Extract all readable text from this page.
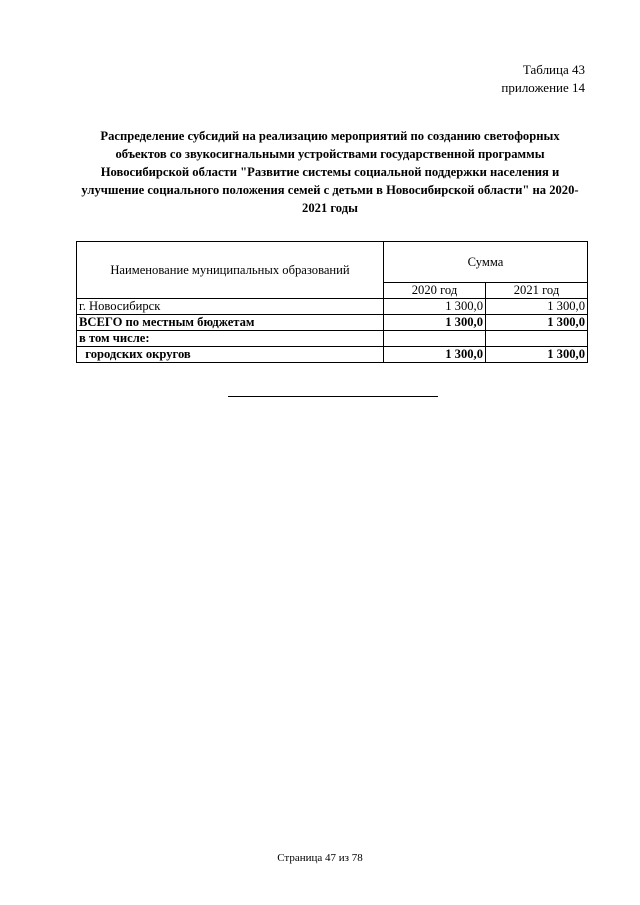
Таблица 43
приложение 14
Распределение субсидий на реализацию мероприятий по созданию светофорных
объектов со звукосигнальными устройствами государственной программы
Новосибирской области "Развитие системы социальной поддержки населения и
улучшение социального положения семей с детьми в Новосибирской области" на 2020-
2021 годы
Наименование муниципальных образований	Сумма	
	2020 год	2021 год
г. Новосибирск	1 300,0	1 300,0
ВСЕГО по местным бюджетам	1 300,0	1 300,0
в том числе:		
городских округов	1 300,0	1 300,0
Страница 47 из 78
